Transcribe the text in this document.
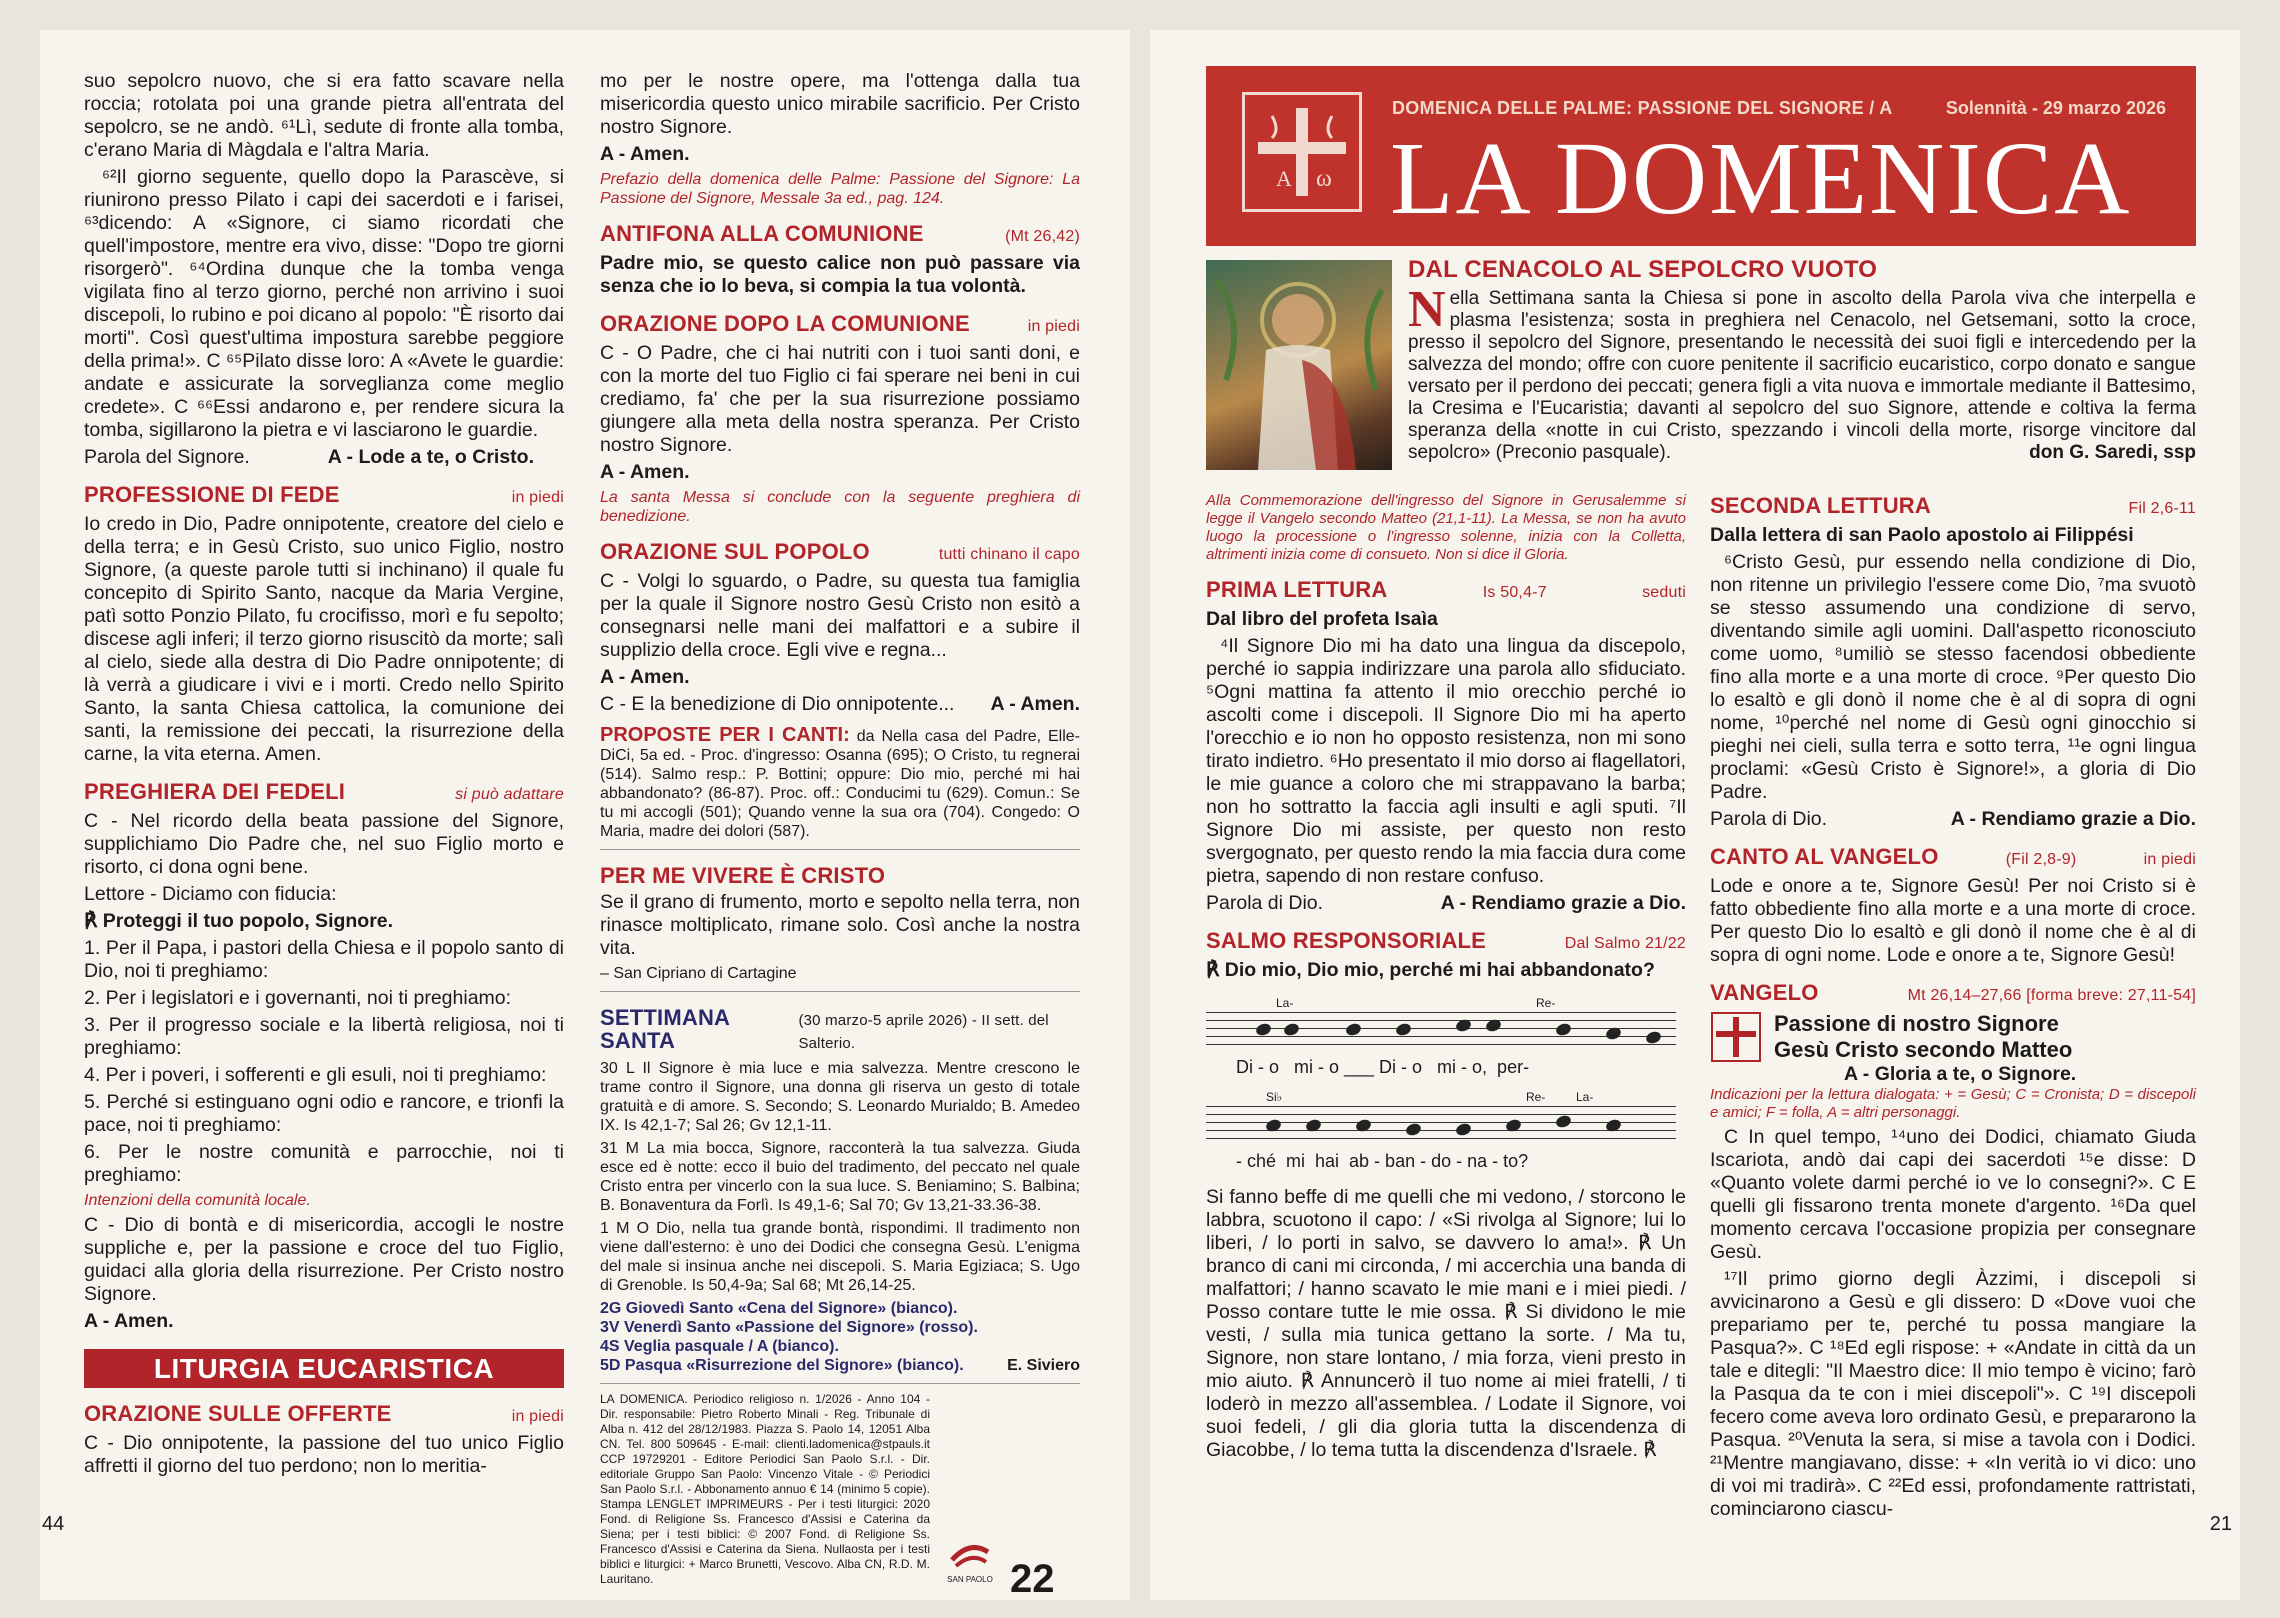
suo sepolcro nuovo, che si era fatto scavare nella roccia; rotolata poi una grande pietra all'entrata del sepolcro, se ne andò. ⁶¹Lì, sedute di fronte alla tomba, c'erano Maria di Màgdala e l'altra Maria.

⁶²Il giorno seguente, quello dopo la Parascève, si riunirono presso Pilato i capi dei sacerdoti e i farisei, ⁶³dicendo: A «Signore, ci siamo ricordati che quell'impostore, mentre era vivo, disse: "Dopo tre giorni risorgerò". ⁶⁴Ordina dunque che la tomba venga vigilata fino al terzo giorno, perché non arrivino i suoi discepoli, lo rubino e poi dicano al popolo: "È risorto dai morti". Così quest'ultima impostura sarebbe peggiore della prima!». C ⁶⁵Pilato disse loro: A «Avete le guardie: andate e assicurate la sorveglianza come meglio credete». C ⁶⁶Essi andarono e, per rendere sicura la tomba, sigillarono la pietra e vi lasciarono le guardie.

Parola del Signore.	A - Lode a te, o Cristo.

PROFESSIONE DI FEDE	in piedi

Io credo in Dio, Padre onnipotente, creatore del cielo e della terra; e in Gesù Cristo, suo unico Figlio, nostro Signore, (a queste parole tutti si inchinano) il quale fu concepito di Spirito Santo, nacque da Maria Vergine, patì sotto Ponzio Pilato, fu crocifisso, morì e fu sepolto; discese agli inferi; il terzo giorno risuscitò da morte; salì al cielo, siede alla destra di Dio Padre onnipotente; di là verrà a giudicare i vivi e i morti. Credo nello Spirito Santo, la santa Chiesa cattolica, la comunione dei santi, la remissione dei peccati, la risurrezione della carne, la vita eterna. Amen.

PREGHIERA DEI FEDELI	si può adattare

C - Nel ricordo della beata passione del Signore, supplichiamo Dio Padre che, nel suo Figlio morto e risorto, ci dona ogni bene.

Lettore - Diciamo con fiducia:

℟ Proteggi il tuo popolo, Signore.

1. Per il Papa, i pastori della Chiesa e il popolo santo di Dio, noi ti preghiamo:

2. Per i legislatori e i governanti, noi ti preghiamo:

3. Per il progresso sociale e la libertà religiosa, noi ti preghiamo:

4. Per i poveri, i sofferenti e gli esuli, noi ti preghiamo:

5. Perché si estinguano ogni odio e rancore, e trionfi la pace, noi ti preghiamo:

6. Per le nostre comunità e parrocchie, noi ti preghiamo:

Intenzioni della comunità locale.

C - Dio di bontà e di misericordia, accogli le nostre suppliche e, per la passione e croce del tuo Figlio, guidaci alla gloria della risurrezione. Per Cristo nostro Signore.

A - Amen.

LITURGIA EUCARISTICA
ORAZIONE SULLE OFFERTE	in piedi

C - Dio onnipotente, la passione del tuo unico Figlio affretti il giorno del tuo perdono; non lo meritia-

44

mo per le nostre opere, ma l'ottenga dalla tua misericordia questo unico mirabile sacrificio. Per Cristo nostro Signore.

A - Amen.

Prefazio della domenica delle Palme: Passione del Signore: La Passione del Signore, Messale 3a ed., pag. 124.

ANTIFONA ALLA COMUNIONE	(Mt 26,42)

Padre mio, se questo calice non può passare via senza che io lo beva, si compia la tua volontà.

ORAZIONE DOPO LA COMUNIONE	in piedi

C - O Padre, che ci hai nutriti con i tuoi santi doni, e con la morte del tuo Figlio ci fai sperare nei beni in cui crediamo, fa' che per la sua risurrezione possiamo giungere alla meta della nostra speranza. Per Cristo nostro Signore.

A - Amen.

La santa Messa si conclude con la seguente preghiera di benedizione.

ORAZIONE SUL POPOLO	tutti chinano il capo

C - Volgi lo sguardo, o Padre, su questa tua famiglia per la quale il Signore nostro Gesù Cristo non esitò a consegnarsi nelle mani dei malfattori e a subire il supplizio della croce. Egli vive e regna...

A - Amen.

C - E la benedizione di Dio onnipotente... A - Amen.

PROPOSTE PER I CANTI: da Nella casa del Padre, Elle-DiCi, 5a ed. - Proc. d'ingresso: Osanna (695); O Cristo, tu regnerai (514). Salmo resp.: P. Bottini; oppure: Dio mio, perché mi hai abbandonato? (86-87). Proc. off.: Conducimi tu (629). Comun.: Se tu mi accogli (501); Quando venne la sua ora (704). Congedo: O Maria, madre dei dolori (587).

PER ME VIVERE È CRISTO

Se il grano di frumento, morto e sepolto nella terra, non rinasce moltiplicato, rimane solo. Così anche la nostra vita.

– San Cipriano di Cartagine

SETTIMANA SANTA
(30 marzo-5 aprile 2026) - II sett. del Salterio.

30 L Il Signore è mia luce e mia salvezza. Mentre crescono le trame contro il Signore, una donna gli riserva un gesto di totale gratuità e di amore. S. Secondo; S. Leonardo Murialdo; B. Amedeo IX. Is 42,1-7; Sal 26; Gv 12,1-11.

31 M La mia bocca, Signore, racconterà la tua salvezza. Giuda esce ed è notte: ecco il buio del tradimento, del peccato nel quale Cristo entra per vincerlo con la sua luce. S. Beniamino; S. Balbina; B. Bonaventura da Forlì. Is 49,1-6; Sal 70; Gv 13,21-33.36-38.

1 M O Dio, nella tua grande bontà, rispondimi. Il tradimento non viene dall'esterno: è uno dei Dodici che consegna Gesù. L'enigma del male si insinua anche nei discepoli. S. Maria Egiziaca; S. Ugo di Grenoble. Is 50,4-9a; Sal 68; Mt 26,14-25.

2G Giovedì Santo «Cena del Signore» (bianco).

3V Venerdì Santo «Passione del Signore» (rosso).

4S Veglia pasquale / A (bianco).

5D Pasqua «Risurrezione del Signore» (bianco).	E. Siviero

LA DOMENICA. Periodico religioso n. 1/2026 - Anno 104 - Dir. responsabile: Pietro Roberto Minali - Reg. Tribunale di Alba n. 412 del 28/12/1983. Piazza S. Paolo 14, 12051 Alba CN. Tel. 800 509645 - E-mail: clienti.ladomenica@stpauls.it CCP 19729201 - Editore Periodici San Paolo S.r.l. - Dir. editoriale Gruppo San Paolo: Vincenzo Vitale - © Periodici San Paolo S.r.l. - Abbonamento annuo € 14 (minimo 5 copie). Stampa LENGLET IMPRIMEURS - Per i testi liturgici: 2020 Fond. di Religione Ss. Francesco d'Assisi e Caterina da Siena; per i testi biblici: © 2007 Fond. di Religione Ss. Francesco d'Assisi e Caterina da Siena. Nullaosta per i testi biblici e liturgici: + Marco Brunetti, Vescovo. Alba CN, R.D. M. Lauritano.	SAN PAOLO 22
A ω
DOMENICA DELLE PALME: PASSIONE DEL SIGNORE / A	Solennità - 29 marzo 2026
LA DOMENICA
DAL CENACOLO AL SEPOLCRO VUOTO
Nella Settimana santa la Chiesa si pone in ascolto della Parola viva che interpella e plasma l'esistenza; sosta in preghiera nel Cenacolo, nel Getsemani, sotto la croce, presso il sepolcro del Signore, presentando le necessità dei suoi figli e intercedendo per la salvezza del mondo; offre con cuore penitente il sacrificio eucaristico, corpo donato e sangue versato per il perdono dei peccati; genera figli a vita nuova e immortale mediante il Battesimo, la Cresima e l'Eucaristia; davanti al sepolcro del suo Signore, attende e coltiva la ferma speranza della «notte in cui Cristo, spezzando i vincoli della morte, risorge vincitore dal sepolcro» (Preconio pasquale).	don G. Saredi, ssp

Alla Commemorazione dell'ingresso del Signore in Gerusalemme si legge il Vangelo secondo Matteo (21,1-11). La Messa, se non ha avuto luogo la processione o l'ingresso solenne, inizia con la Colletta, altrimenti inizia come di consueto. Non si dice il Gloria.

PRIMA LETTURA	Is 50,4-7	seduti

Dal libro del profeta Isaìa

⁴Il Signore Dio mi ha dato una lingua da discepolo, perché io sappia indirizzare una parola allo sfiduciato. ⁵Ogni mattina fa attento il mio orecchio perché io ascolti come i discepoli. Il Signore Dio mi ha aperto l'orecchio e io non ho opposto resistenza, non mi sono tirato indietro. ⁶Ho presentato il mio dorso ai flagellatori, le mie guance a coloro che mi strappavano la barba; non ho sottratto la faccia agli insulti e agli sputi. ⁷Il Signore Dio mi assiste, per questo non resto svergognato, per questo rendo la mia faccia dura come pietra, sapendo di non restare confuso.

Parola di Dio.	A - Rendiamo grazie a Dio.

SALMO RESPONSORIALE	Dal Salmo 21/22

℟ Dio mio, Dio mio, perché mi hai abbandonato?

La-	Re-
Di - o   mi - o ___ Di - o   mi - o,  per-
Si♭	Re-	La-
- ché  mi  hai  ab - ban - do - na - to?

Si fanno beffe di me quelli che mi vedono, / storcono le labbra, scuotono il capo: / «Si rivolga al Signore; lui lo liberi, / lo porti in salvo, se davvero lo ama!». ℟ Un branco di cani mi circonda, / mi accerchia una banda di malfattori; / hanno scavato le mie mani e i miei piedi. / Posso contare tutte le mie ossa. ℟ Si dividono le mie vesti, / sulla mia tunica gettano la sorte. / Ma tu, Signore, non stare lontano, / mia forza, vieni presto in mio aiuto. ℟ Annuncerò il tuo nome ai miei fratelli, / ti loderò in mezzo all'assemblea. / Lodate il Signore, voi suoi fedeli, / gli dia gloria tutta la discendenza di Giacobbe, / lo tema tutta la discendenza d'Israele. ℟

SECONDA LETTURA	Fil 2,6-11

Dalla lettera di san Paolo apostolo ai Filippési

⁶Cristo Gesù, pur essendo nella condizione di Dio, non ritenne un privilegio l'essere come Dio, ⁷ma svuotò se stesso assumendo una condizione di servo, diventando simile agli uomini. Dall'aspetto riconosciuto come uomo, ⁸umiliò se stesso facendosi obbediente fino alla morte e a una morte di croce. ⁹Per questo Dio lo esaltò e gli donò il nome che è al di sopra di ogni nome, ¹⁰perché nel nome di Gesù ogni ginocchio si pieghi nei cieli, sulla terra e sotto terra, ¹¹e ogni lingua proclami: «Gesù Cristo è Signore!», a gloria di Dio Padre.

Parola di Dio.	A - Rendiamo grazie a Dio.

CANTO AL VANGELO	(Fil 2,8-9)	in piedi

Lode e onore a te, Signore Gesù! Per noi Cristo si è fatto obbediente fino alla morte e a una morte di croce. Per questo Dio lo esaltò e gli donò il nome che è al di sopra di ogni nome. Lode e onore a te, Signore Gesù!

VANGELO	Mt 26,14–27,66 [forma breve: 27,11-54]
Passione di nostro Signore
Gesù Cristo secondo Matteo
A - Gloria a te, o Signore.

Indicazioni per la lettura dialogata: + = Gesù; C = Cronista; D = discepoli e amici; F = folla, A = altri personaggi.

C In quel tempo, ¹⁴uno dei Dodici, chiamato Giuda Iscariota, andò dai capi dei sacerdoti ¹⁵e disse: D «Quanto volete darmi perché io ve lo consegni?». C E quelli gli fissarono trenta monete d'argento. ¹⁶Da quel momento cercava l'occasione propizia per consegnare Gesù.

¹⁷Il primo giorno degli Àzzimi, i discepoli si avvicinarono a Gesù e gli dissero: D «Dove vuoi che prepariamo per te, perché tu possa mangiare la Pasqua?». C ¹⁸Ed egli rispose: + «Andate in città da un tale e ditegli: "Il Maestro dice: Il mio tempo è vicino; farò la Pasqua da te con i miei discepoli"». C ¹⁹I discepoli fecero come aveva loro ordinato Gesù, e prepararono la Pasqua. ²⁰Venuta la sera, si mise a tavola con i Dodici. ²¹Mentre mangiavano, disse: + «In verità io vi dico: uno di voi mi tradirà». C ²²Ed essi, profondamente rattristati, cominciarono ciascu-

21
